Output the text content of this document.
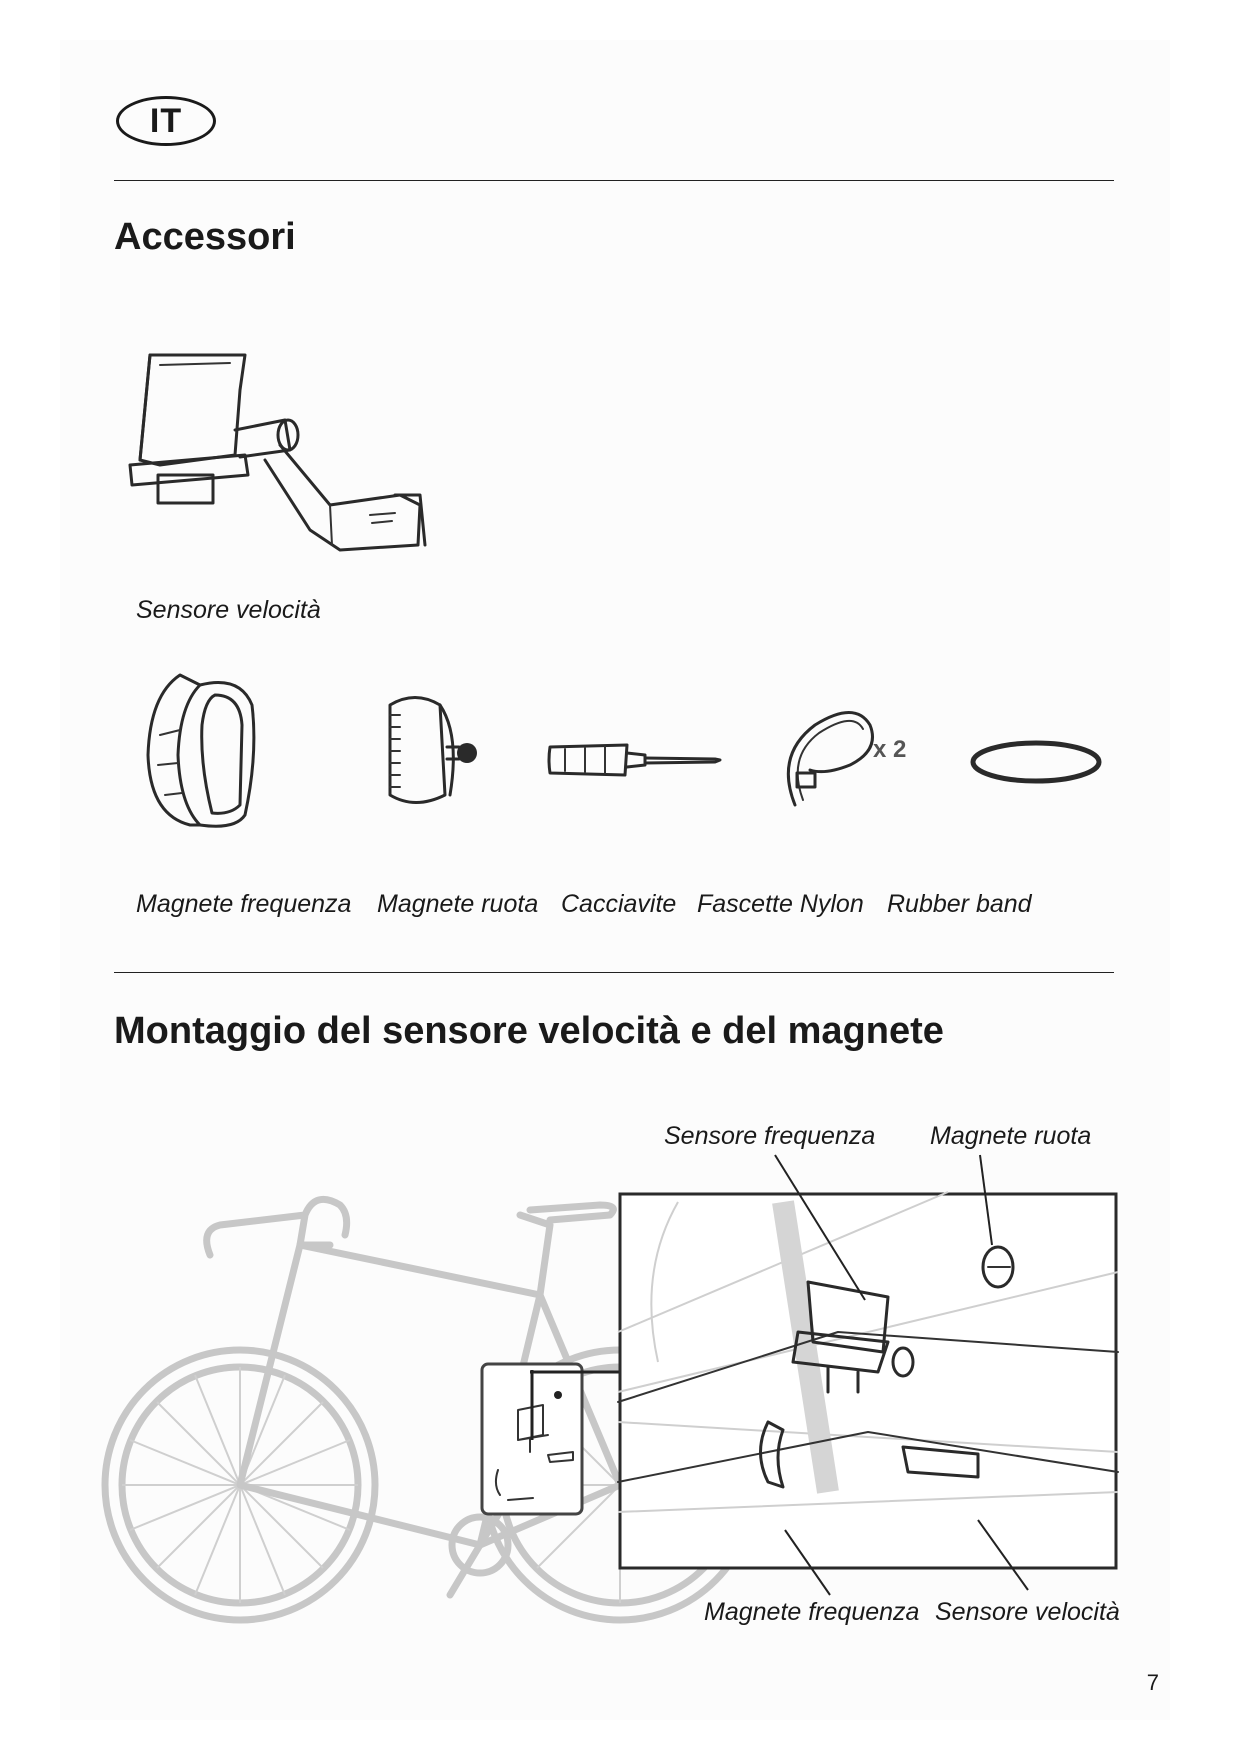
IT
Accessori
Sensore velocità
x 2
Magnete frequenza Magnete ruota Cacciavite Fascette Nylon Rubber band
Montaggio del sensore velocità e del magnete
Sensore frequenza Magnete ruota
Magnete frequenza Sensore velocità
7
